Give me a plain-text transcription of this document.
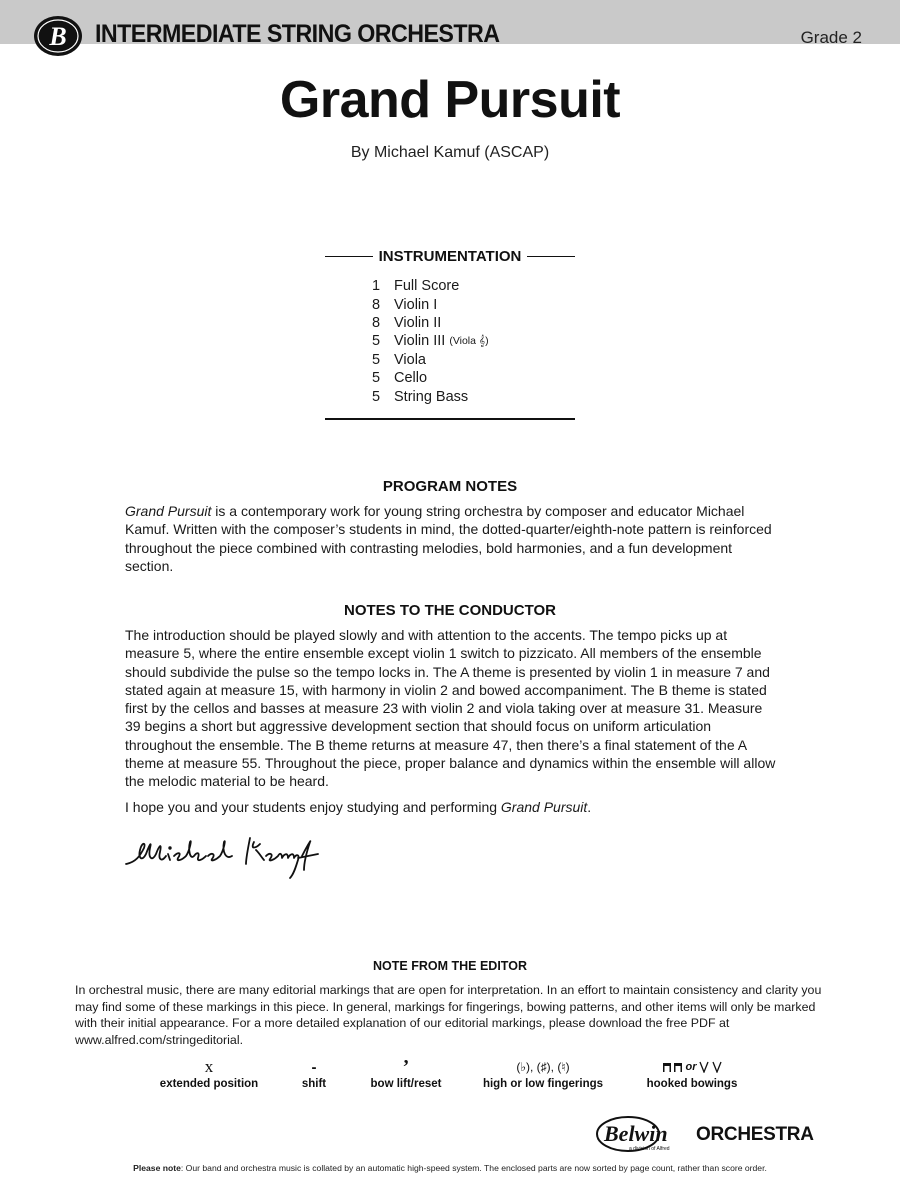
B INTERMEDIATE STRING ORCHESTRA	Grade 2
Grand Pursuit
By Michael Kamuf (ASCAP)
INSTRUMENTATION
1 Full Score
8 Violin I
8 Violin II
5 Violin III (Viola 𝄞)
5 Viola
5 Cello
5 String Bass
PROGRAM NOTES
Grand Pursuit is a contemporary work for young string orchestra by composer and educator Michael Kamuf. Written with the composer’s students in mind, the dotted-quarter/eighth-note pattern is reinforced throughout the piece combined with contrasting melodies, bold harmonies, and a fun development section.
NOTES TO THE CONDUCTOR
The introduction should be played slowly and with attention to the accents. The tempo picks up at measure 5, where the entire ensemble except violin 1 switch to pizzicato. All members of the ensemble should subdivide the pulse so the tempo locks in. The A theme is presented by violin 1 in measure 7 and stated again at measure 15, with harmony in violin 2 and bowed accompaniment. The B theme is stated first by the cellos and basses at measure 23 with violin 2 and viola taking over at measure 31. Measure 39 begins a short but aggressive development section that should focus on uniform articulation throughout the ensemble. The B theme returns at measure 47, then there’s a final statement of the A theme at measure 55. Throughout the piece, proper balance and dynamics within the ensemble will allow the melodic material to be heard.
I hope you and your students enjoy studying and performing Grand Pursuit.
NOTE FROM THE EDITOR
In orchestral music, there are many editorial markings that are open for interpretation. In an effort to maintain consistency and clarity you may find some of these markings in this piece. In general, markings for fingerings, bowing patterns, and other items will only be marked with their initial appearance. For a more detailed explanation of our editorial markings, please download the free PDF at www.alfred.com/stringeditorial.
x
extended position
-
shift
’
bow lift/reset
(♭), (♯), (♮)
high or low fingerings
or
hooked bowings
Belwin
a division of Alfred
ORCHESTRA
Please note: Our band and orchestra music is collated by an automatic high-speed system. The enclosed parts are now sorted by page count, rather than score order.
